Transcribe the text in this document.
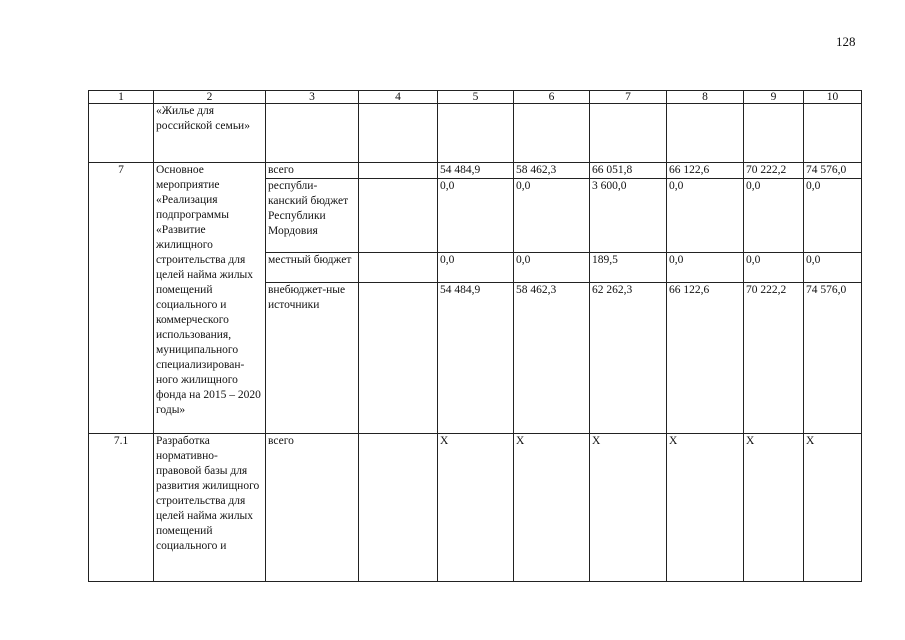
128
1	2	3	4	5	6	7	8	9	10
	«Жилье для российской семьи»								
7	Основное мероприятие «Реализация подпрограммы «Развитие жилищного строительства для целей найма жилых помещений социального и коммерческого использования, муниципального специализирован-ного жилищного фонда на 2015 – 2020 годы»	всего		54 484,9	58 462,3	66 051,8	66 122,6	70 222,2	74 576,0
		республи-канский бюджет Республики Мордовия		0,0	0,0	3 600,0	0,0	0,0	0,0
		местный бюджет		0,0	0,0	189,5	0,0	0,0	0,0
		внебюджет-ные источники		54 484,9	58 462,3	62 262,3	66 122,6	70 222,2	74 576,0
7.1	Разработка нормативно-правовой базы для развития жилищного строительства для целей найма жилых помещений социального и	всего		Х	Х	Х	Х	Х	Х
